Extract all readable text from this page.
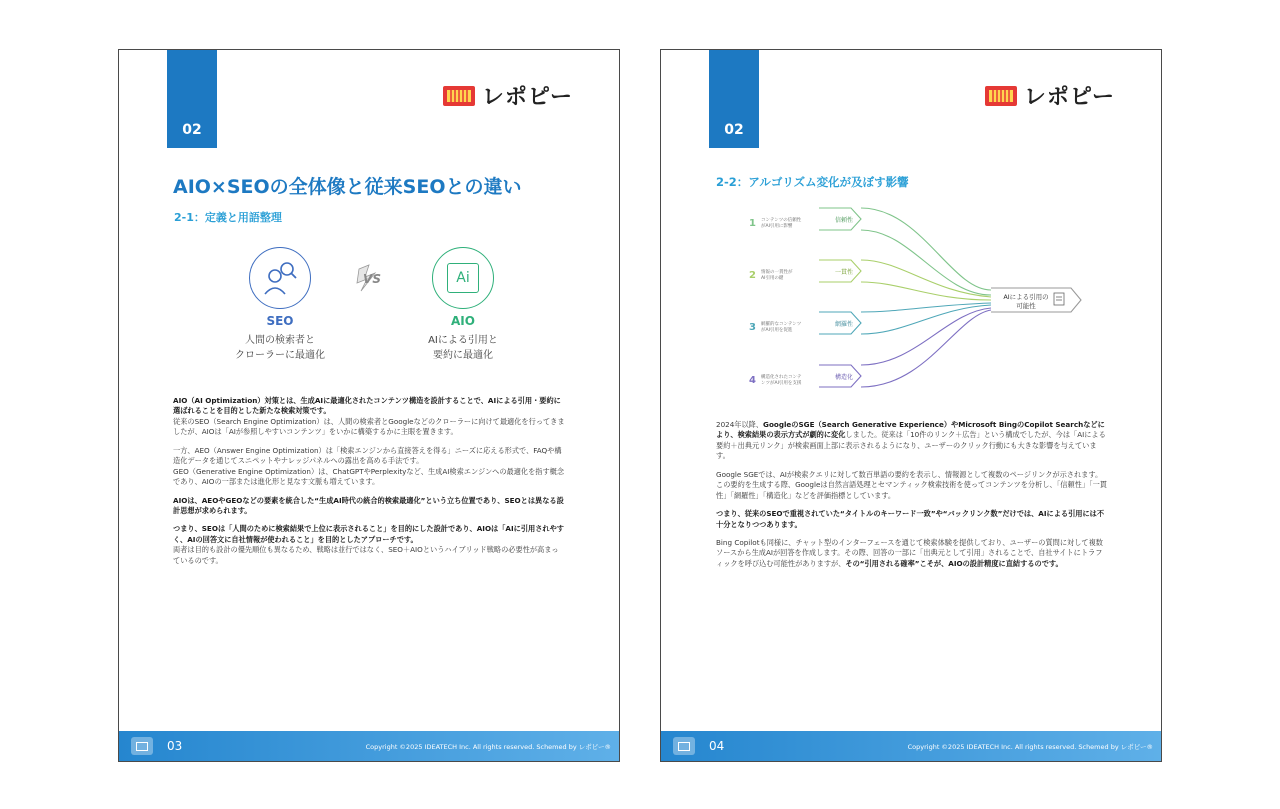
02
レポピー
AIO×SEOの全体像と従来SEOとの違い
2-1：定義と用語整理
SEO
人間の検索者と
クローラーに最適化
VS	Ai
AIO
AIによる引用と
要約に最適化

AIO（AI Optimization）対策とは、生成AIに最適化されたコンテンツ構造を設計することで、AIによる引用・要約に選ばれることを目的とした新たな検索対策です。
従来のSEO（Search Engine Optimization）は、人間の検索者とGoogleなどのクローラーに向けて最適化を行ってきましたが、AIOは「AIが参照しやすいコンテンツ」をいかに構築するかに主眼を置きます。

一方、AEO（Answer Engine Optimization）は「検索エンジンから直接答えを得る」ニーズに応える形式で、FAQや構造化データを通じてスニペットやナレッジパネルへの露出を高める手法です。
GEO（Generative Engine Optimization）は、ChatGPTやPerplexityなど、生成AI検索エンジンへの最適化を指す概念であり、AIOの一部または進化形と見なす文脈も増えています。

AIOは、AEOやGEOなどの要素を統合した“生成AI時代の統合的検索最適化”という立ち位置であり、SEOとは異なる設計思想が求められます。

つまり、SEOは「人間のために検索結果で上位に表示されること」を目的にした設計であり、AIOは「AIに引用されやすく、AIの回答文に自社情報が使われること」を目的としたアプローチです。
両者は目的も設計の優先順位も異なるため、戦略は並行ではなく、SEO＋AIOというハイブリッド戦略の必要性が高まっているのです。

03	Copyright ©2025 IDEATECH Inc. All rights reserved. Schemed by レポピー®
02
レポピー
2-2：アルゴリズム変化が及ぼす影響
1 コンテンツの信頼性
がAI引用に影響
信頼性
2 情報の一貫性が
AI引用の鍵
一貫性
3 網羅的なコンテンツ
がAI引用を促進
網羅性
4 構造化されたコンテ
ンツがAI引用を支援
構造化
AIによる引用の
可能性

2024年以降、GoogleのSGE（Search Generative Experience）やMicrosoft BingのCopilot Searchなどにより、検索結果の表示方式が劇的に変化しました。従来は「10件のリンク＋広告」という構成でしたが、今は「AIによる要約＋出典元リンク」が検索画面上部に表示されるようになり、ユーザーのクリック行動にも大きな影響を与えています。

Google SGEでは、AIが検索クエリに対して数百単語の要約を表示し、情報源として複数のページリンクが示されます。この要約を生成する際、Googleは自然言語処理とセマンティック検索技術を使ってコンテンツを分析し、「信頼性」「一貫性」「網羅性」「構造化」などを評価指標としています。

つまり、従来のSEOで重視されていた“タイトルのキーワード一致”や“バックリンク数”だけでは、AIによる引用には不十分となりつつあります。

Bing Copilotも同様に、チャット型のインターフェースを通じて検索体験を提供しており、ユーザーの質問に対して複数ソースから生成AIが回答を作成します。その際、回答の一部に「出典元として引用」されることで、自社サイトにトラフィックを呼び込む可能性がありますが、その“引用される確率”こそが、AIOの設計精度に直結するのです。

04	Copyright ©2025 IDEATECH Inc. All rights reserved. Schemed by レポピー®
